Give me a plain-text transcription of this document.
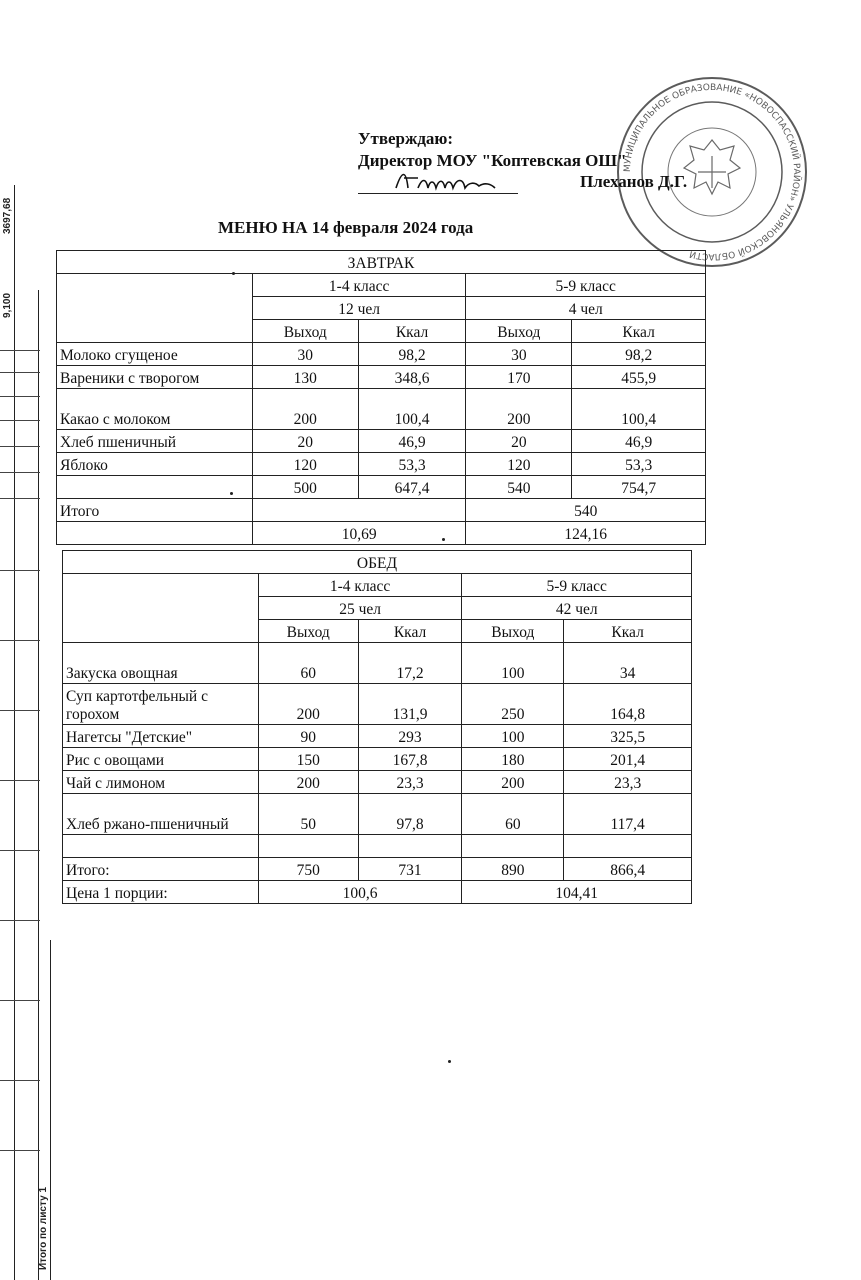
9,100
3697,68
Итого по листу 1
МУНИЦИПАЛЬНОЕ ОБРАЗОВАНИЕ «НОВОСПАССКИЙ РАЙОН» УЛЬЯНОВСКОЙ ОБЛАСТИ
Утверждаю:
Директор МОУ "Коптевская ОШ"
Плеханов Д.Г.
МЕНЮ НА 14 февраля 2024 года
ЗАВТРАК				
	1-4 класс		5-9 класс	
	12 чел		4 чел	
	Выход	Ккал	Выход	Ккал
Молоко сгущеное	30	98,2	30	98,2
Вареники с творогом	130	348,6	170	455,9
Какао с молоком	200	100,4	200	100,4
Хлеб пшеничный	20	46,9	20	46,9
Яблоко	120	53,3	120	53,3
	500	647,4	540	754,7
Итого			540	
	10,69		124,16	
ОБЕД				
	1-4 класс		5-9 класс	
	25 чел		42 чел	
	Выход	Ккал	Выход	Ккал
Закуска овощная	60	17,2	100	34
Суп картотфельный с горохом	200	131,9	250	164,8
Нагетсы "Детские"	90	293	100	325,5
Рис с овощами	150	167,8	180	201,4
Чай с лимоном	200	23,3	200	23,3
Хлеб ржано-пшеничный	50	97,8	60	117,4

Итого:	750	731	890	866,4
Цена 1 порции:	100,6		104,41	
